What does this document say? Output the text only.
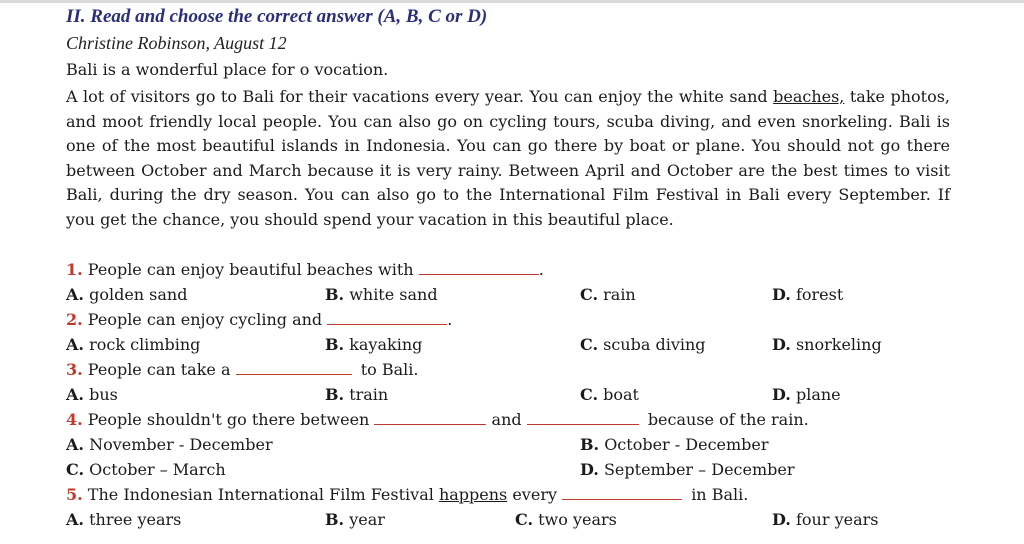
II. Read and choose the correct answer (A, B, C or D)
Christine Robinson, August 12
Bali is a wonderful place for o vocation.
A lot of visitors go to Bali for their vacations every year. You can enjoy the white sand beaches, take photos, and moot friendly local people. You can also go on cycling tours, scuba diving, and even snorkeling. Bali is one of the most beautiful islands in Indonesia. You can go there by boat or plane. You should not go there between October and March because it is very rainy. Between April and October are the best times to visit Bali, during the dry season. You can also go to the International Film Festival in Bali every September. If you get the chance, you should spend your vacation in this beautiful place.
1. People can enjoy beautiful beaches with	.
A. golden sand	B. white sand	C. rain	D. forest
2. People can enjoy cycling and	.
A. rock climbing	B. kayaking	C. scuba diving	D. snorkeling
3. People can take a	to Bali.
A. bus	B. train	C. boat	D. plane
4. People shouldn't go there between	and	because of the rain.
A. November - December	B. October - December
C. October – March	D. September – December
5. The Indonesian International Film Festival happens every	in Bali.
A. three years	B. year	C. two years	D. four years
